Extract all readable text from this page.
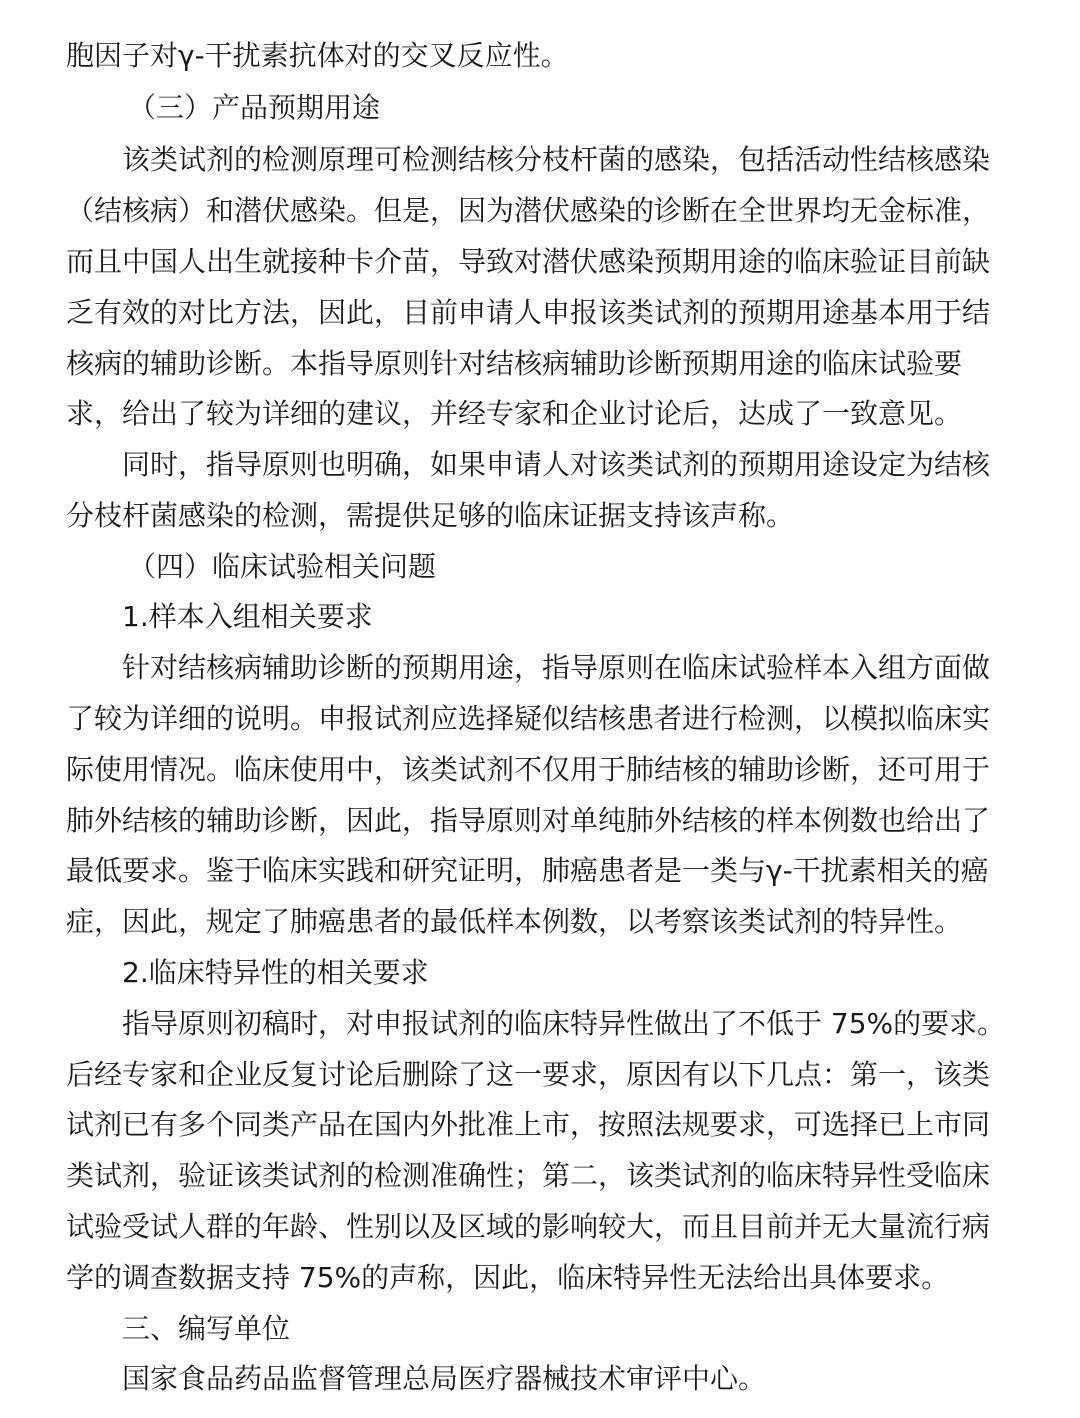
胞因子对γ-干扰素抗体对的交叉反应性。
（三）产品预期用途
该类试剂的检测原理可检测结核分枝杆菌的感染，包括活动性结核感染
（结核病）和潜伏感染。但是，因为潜伏感染的诊断在全世界均无金标准，
而且中国人出生就接种卡介苗，导致对潜伏感染预期用途的临床验证目前缺
乏有效的对比方法，因此，目前申请人申报该类试剂的预期用途基本用于结
核病的辅助诊断。本指导原则针对结核病辅助诊断预期用途的临床试验要
求，给出了较为详细的建议，并经专家和企业讨论后，达成了一致意见。
同时，指导原则也明确，如果申请人对该类试剂的预期用途设定为结核
分枝杆菌感染的检测，需提供足够的临床证据支持该声称。
（四）临床试验相关问题
1.样本入组相关要求
针对结核病辅助诊断的预期用途，指导原则在临床试验样本入组方面做
了较为详细的说明。申报试剂应选择疑似结核患者进行检测，以模拟临床实
际使用情况。临床使用中，该类试剂不仅用于肺结核的辅助诊断，还可用于
肺外结核的辅助诊断，因此，指导原则对单纯肺外结核的样本例数也给出了
最低要求。鉴于临床实践和研究证明，肺癌患者是一类与γ-干扰素相关的癌
症，因此，规定了肺癌患者的最低样本例数，以考察该类试剂的特异性。
2.临床特异性的相关要求
指导原则初稿时，对申报试剂的临床特异性做出了不低于 75%的要求。
后经专家和企业反复讨论后删除了这一要求，原因有以下几点：第一，该类
试剂已有多个同类产品在国内外批准上市，按照法规要求，可选择已上市同
类试剂，验证该类试剂的检测准确性；第二，该类试剂的临床特异性受临床
试验受试人群的年龄、性别以及区域的影响较大，而且目前并无大量流行病
学的调查数据支持 75%的声称，因此，临床特异性无法给出具体要求。
三、编写单位
国家食品药品监督管理总局医疗器械技术审评中心。
